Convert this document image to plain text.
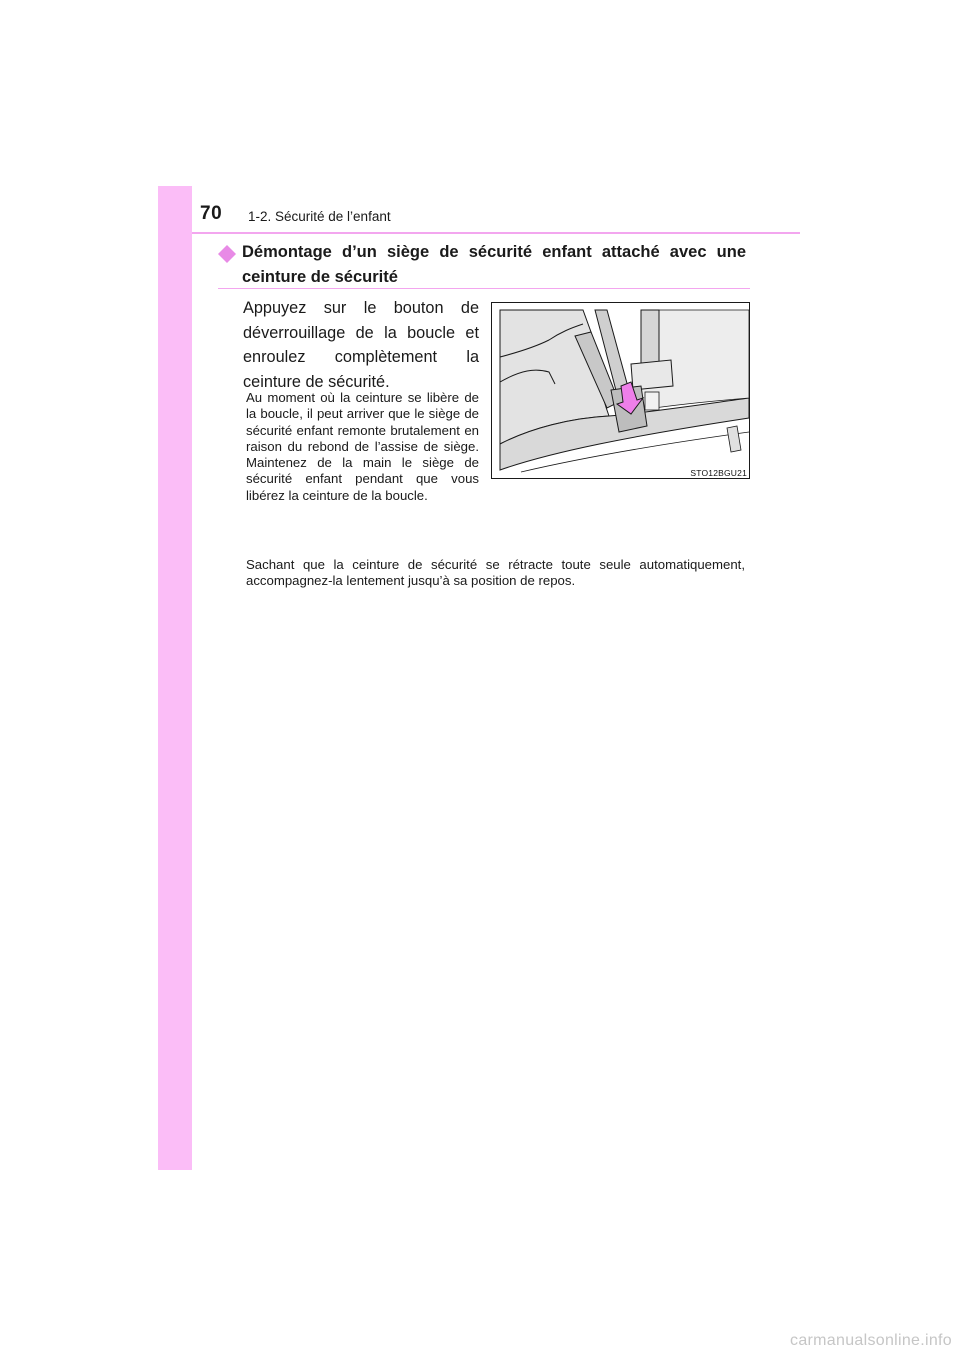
70 1-2. Sécurité de l’enfant

Démontage d’un siège de sécurité enfant attaché avec une ceinture de sécurité

Appuyez sur le bouton de déverrouillage de la boucle et enroulez complètement la ceinture de sécurité.

Au moment où la ceinture se libère de la boucle, il peut arriver que le siège de sécurité enfant remonte brutalement en raison du rebond de l’assise de siège. Maintenez de la main le siège de sécurité enfant pendant que vous libérez la ceinture de la boucle.

STO12BGU21

Sachant que la ceinture de sécurité se rétracte toute seule automatiquement, accompagnez-la lentement jusqu’à sa position de repos.

carmanualsonline.info
